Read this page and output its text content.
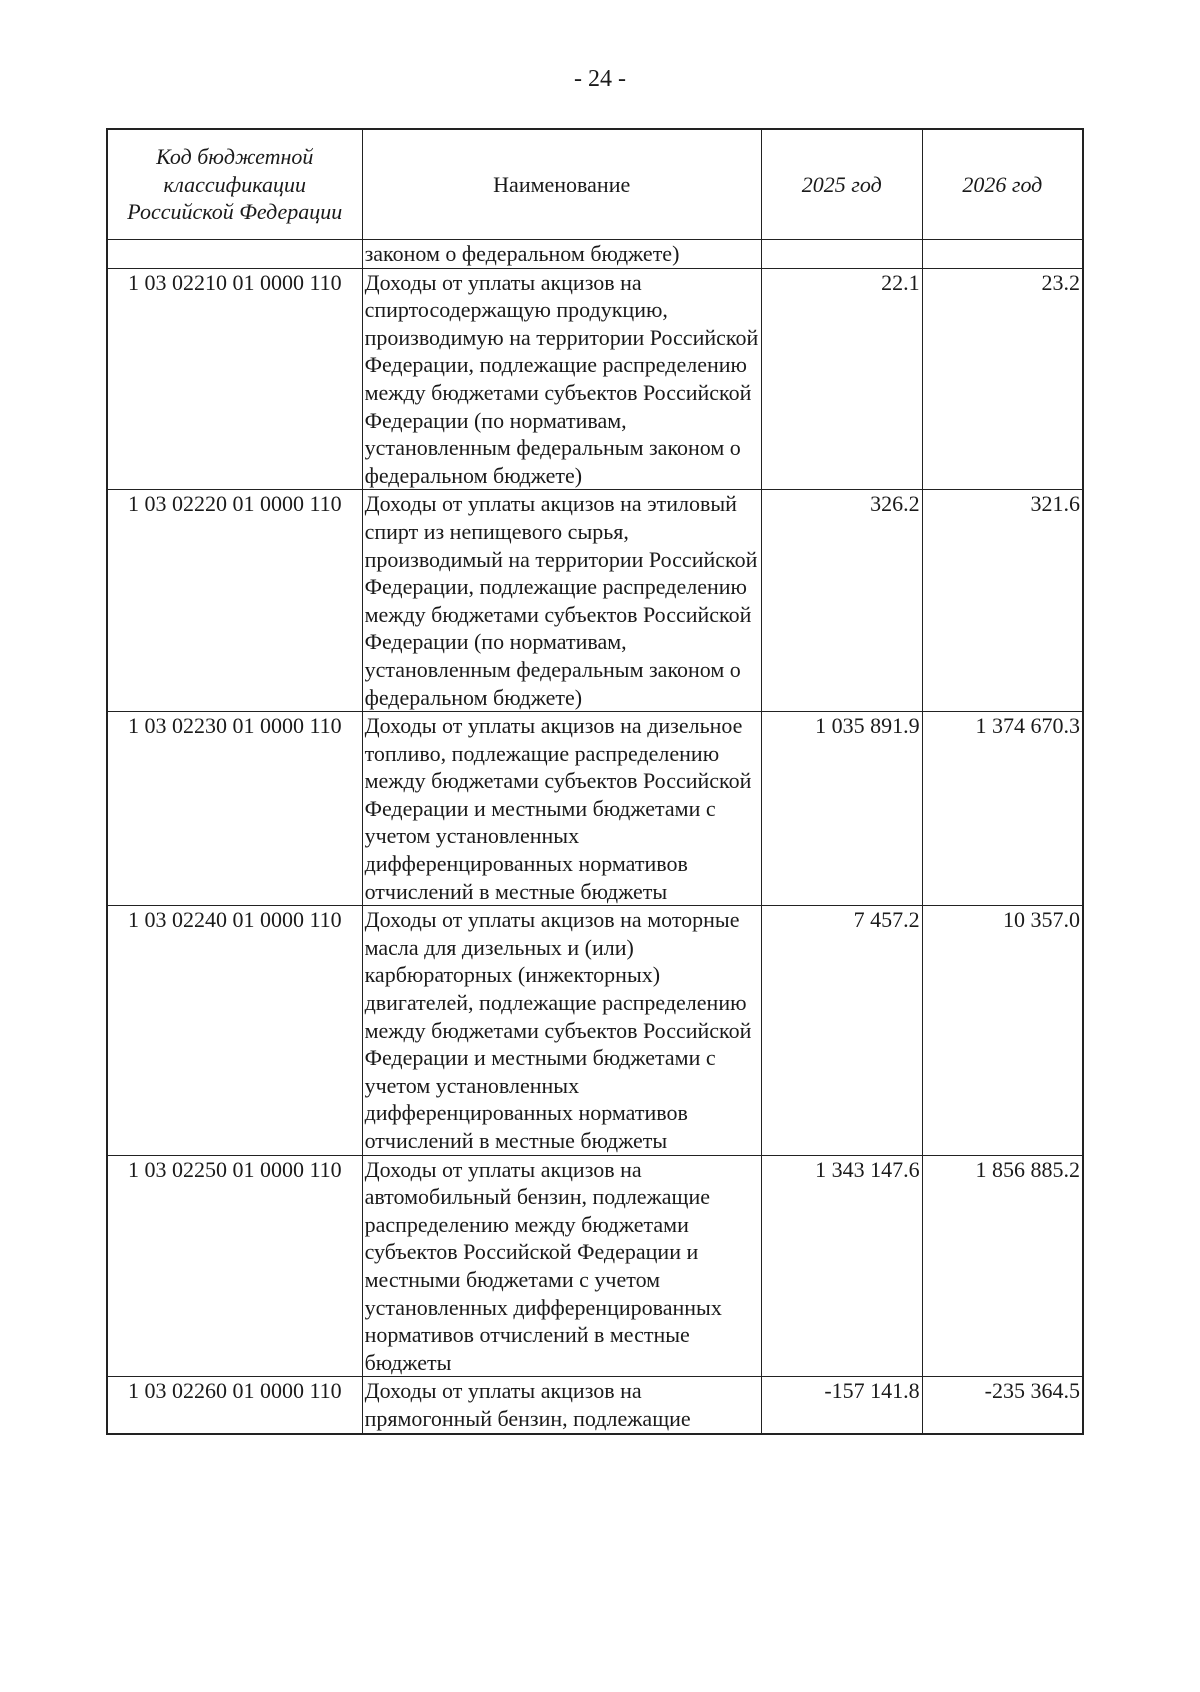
- 24 -
Код бюджетной классификации Российской Федерации	Наименование	2025 год	2026 год
	законом о федеральном бюджете)		
1 03 02210 01 0000 110	Доходы от уплаты акцизов на спиртосодержащую продукцию, производимую на территории Российской Федерации, подлежащие распределению между бюджетами субъектов Российской Федерации (по нормативам, установленным федеральным законом о федеральном бюджете)	22.1	23.2
1 03 02220 01 0000 110	Доходы от уплаты акцизов на этиловый спирт из непищевого сырья, производимый на территории Российской Федерации, подлежащие распределению между бюджетами субъектов Российской Федерации (по нормативам, установленным федеральным законом о федеральном бюджете)	326.2	321.6
1 03 02230 01 0000 110	Доходы от уплаты акцизов на дизельное топливо, подлежащие распределению между бюджетами субъектов Российской Федерации и местными бюджетами с учетом установленных дифференцированных нормативов отчислений в местные бюджеты	1 035 891.9	1 374 670.3
1 03 02240 01 0000 110	Доходы от уплаты акцизов на моторные масла для дизельных и (или) карбюраторных (инжекторных) двигателей, подлежащие распределению между бюджетами субъектов Российской Федерации и местными бюджетами с учетом установленных дифференцированных нормативов отчислений в местные бюджеты	7 457.2	10 357.0
1 03 02250 01 0000 110	Доходы от уплаты акцизов на автомобильный бензин, подлежащие распределению между бюджетами субъектов Российской Федерации и местными бюджетами с учетом установленных дифференцированных нормативов отчислений в местные бюджеты	1 343 147.6	1 856 885.2
1 03 02260 01 0000 110	Доходы от уплаты акцизов на прямогонный бензин, подлежащие	-157 141.8	-235 364.5
